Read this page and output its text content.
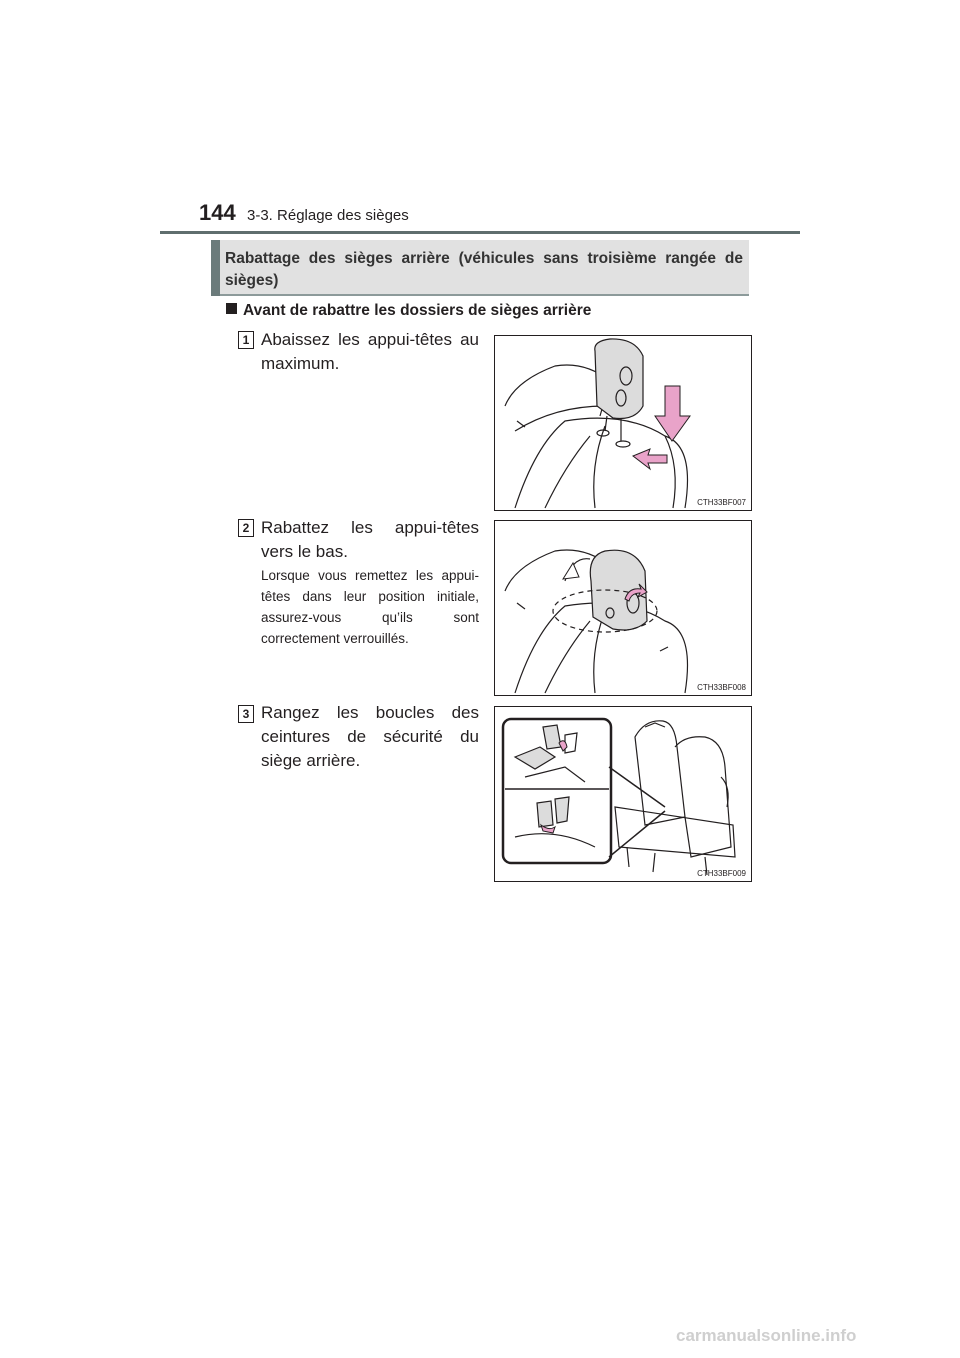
144 3-3. Réglage des sièges
Rabattage des sièges arrière (véhicules sans troisième rangée de sièges)
Avant de rabattre les dossiers de sièges arrière
1 Abaissez les appui-têtes au maximum.
CTH33BF007
2 Rabattez les appui-têtes vers le bas.
Lorsque vous remettez les appui-têtes dans leur position initiale, assurez-vous qu’ils sont correctement verrouillés.
CTH33BF008
3 Rangez les boucles des ceintures de sécurité du siège arrière.
CTH33BF009
carmanualsonline.info
